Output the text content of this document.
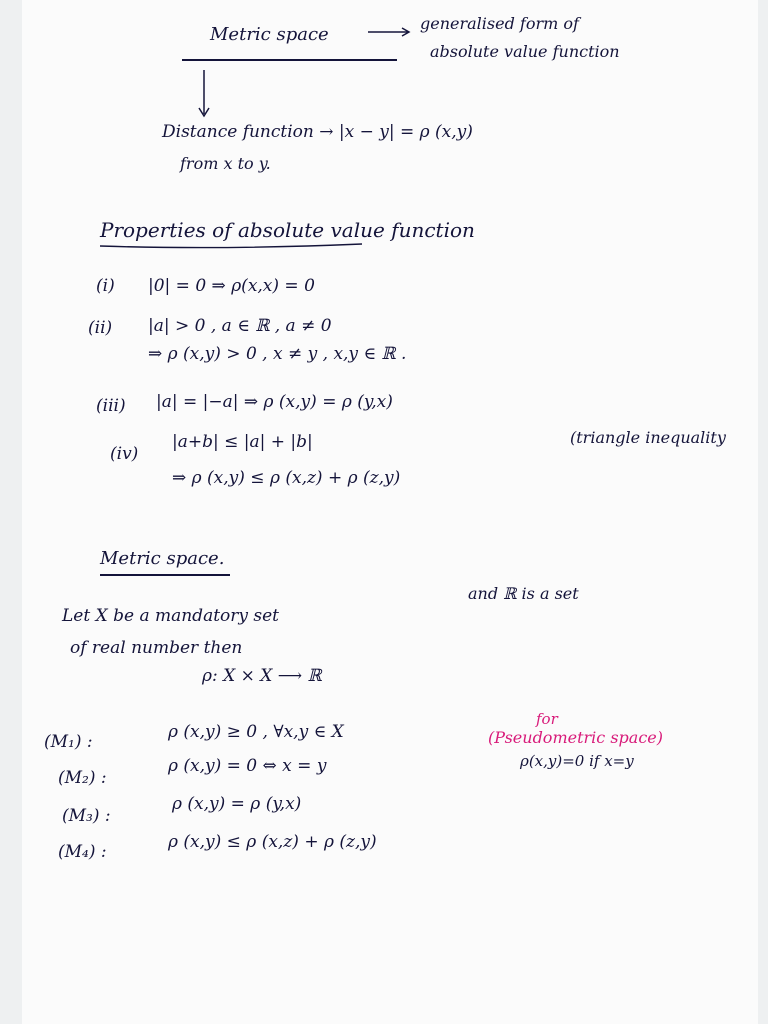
Metric space
generalised form of
absolute value function
Distance function → |x − y| = ρ (x,y)
from x to y.
Properties of absolute value function
(i) |0| = 0 ⇒ ρ(x,x) = 0
(ii) |a| > 0 , a ∈ ℝ , a ≠ 0
⇒ ρ (x,y) > 0 , x ≠ y , x,y ∈ ℝ .
(iii) |a| = |−a| ⇒ ρ (x,y) = ρ (y,x)
(iv)
|a+b| ≤ |a| + |b|
⇒ ρ (x,y) ≤ ρ (x,z) + ρ (z,y)
(triangle inequality
Metric space.
Let X be a mandatory set
and ℝ is a set
of real number then
ρ: X × X ⟶ ℝ
(M₁) :	ρ (x,y) ≥ 0 , ∀x,y ∈ X
(M₂) :
ρ (x,y) = 0 ⇔ x = y
(M₃) :
ρ (x,y) = ρ (y,x)
(M₄) :	ρ (x,y) ≤ ρ (x,z) + ρ (z,y)
for
(Pseudometric space)
ρ(x,y)=0 if x=y
